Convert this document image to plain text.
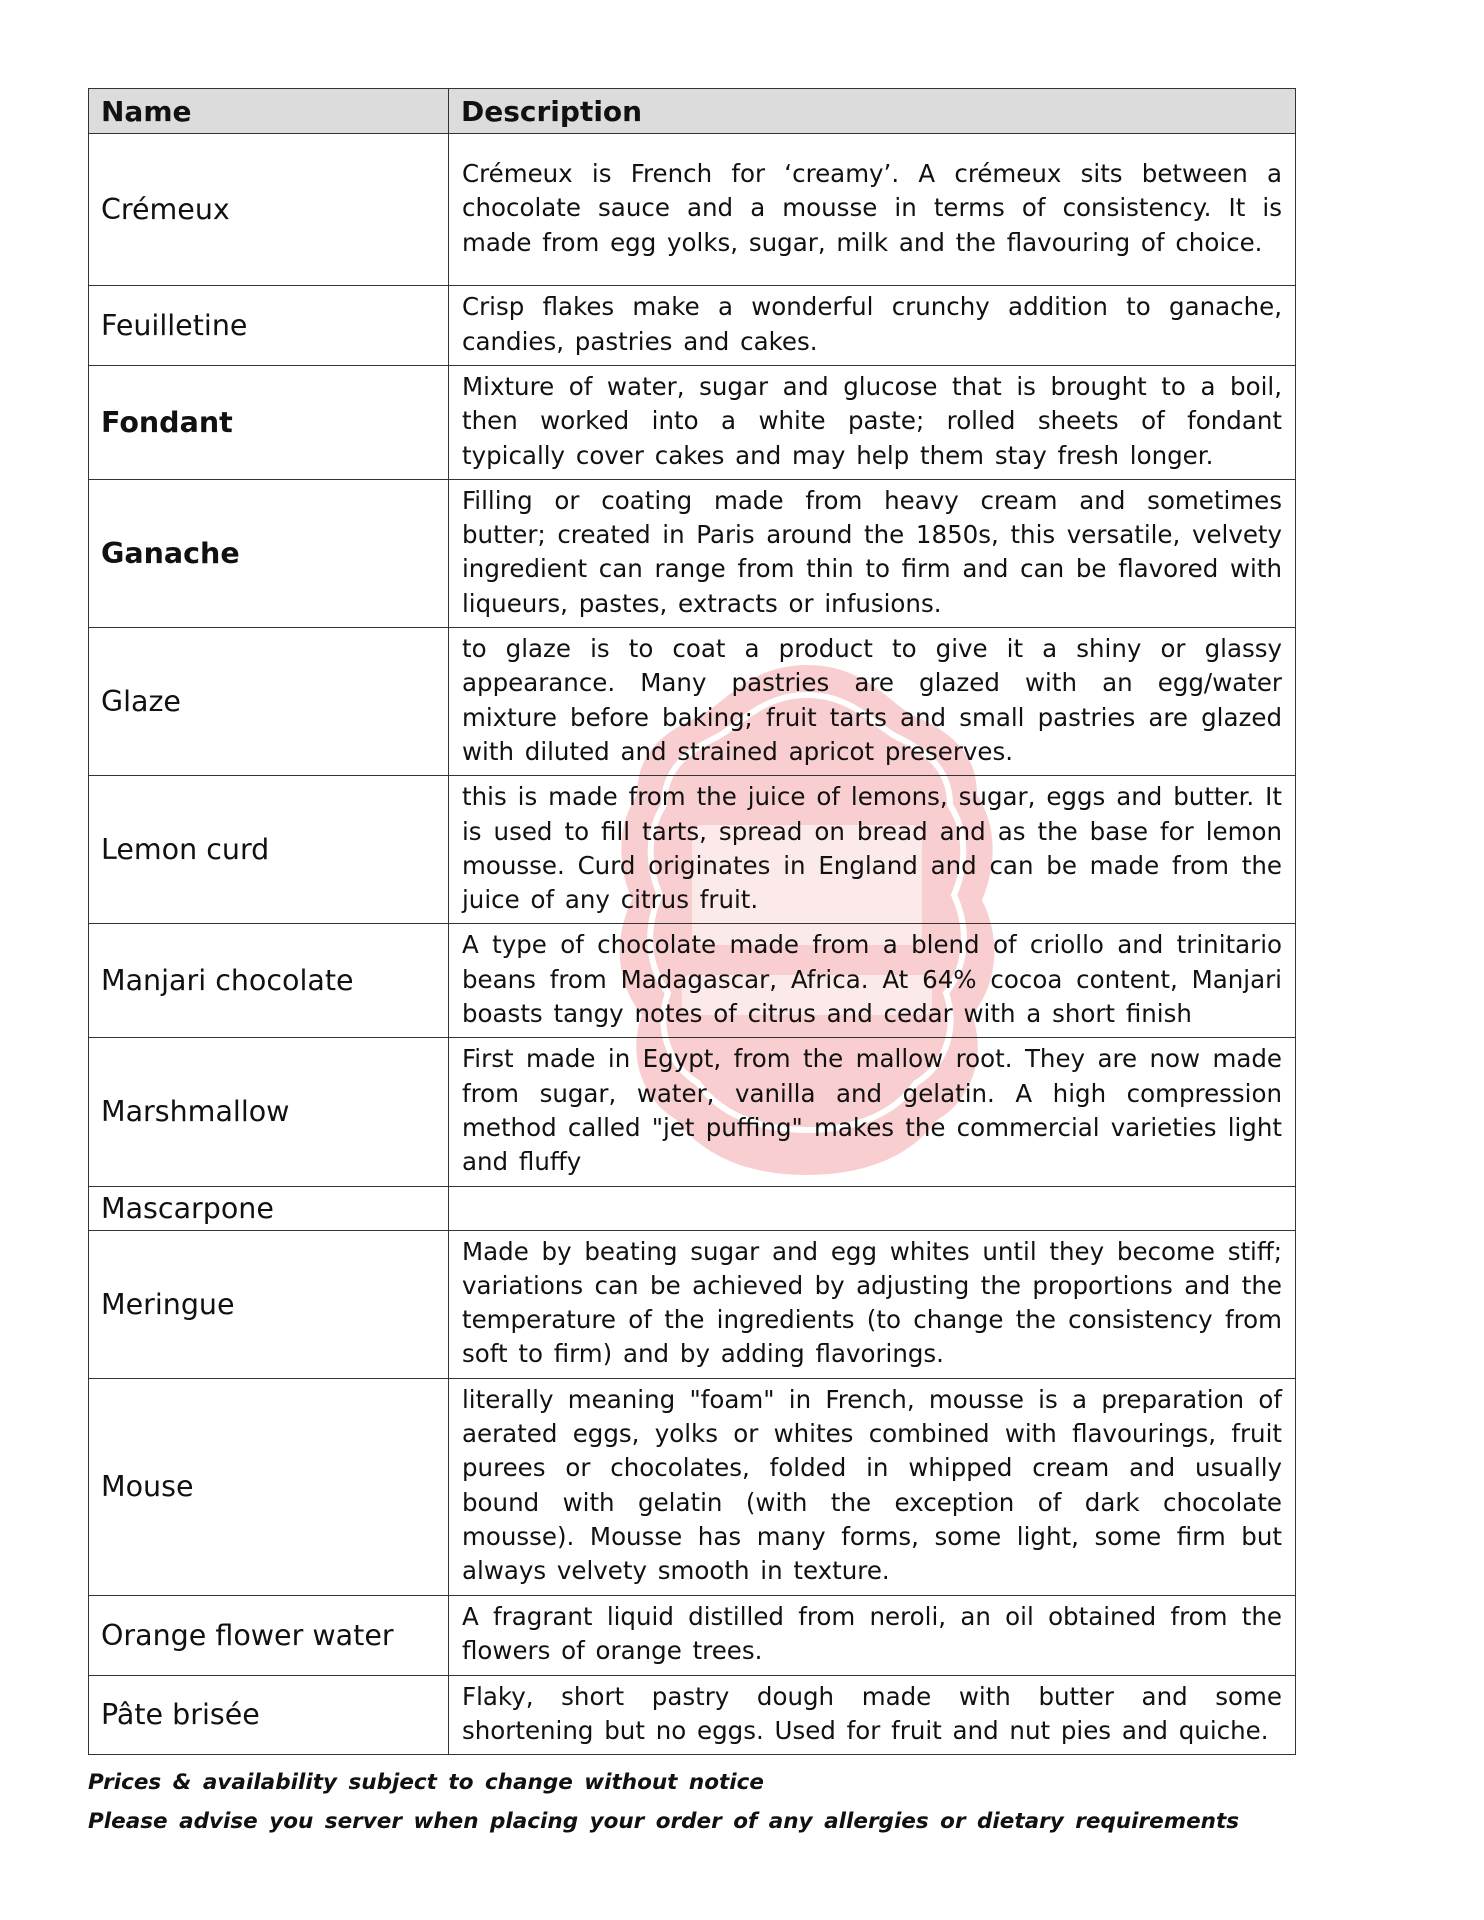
Name	Description
Crémeux	Crémeux is French for ‘creamy’. A crémeux sits between a chocolate sauce and a mousse in terms of consistency. It is made from egg yolks, sugar, milk and the flavouring of choice.
Feuilletine	Crisp flakes make a wonderful crunchy addition to ganache, candies, pastries and cakes.
Fondant	Mixture of water, sugar and glucose that is brought to a boil, then worked into a white paste; rolled sheets of fondant typically cover cakes and may help them stay fresh longer.
Ganache	Filling or coating made from heavy cream and sometimes butter; created in Paris around the 1850s, this versatile, velvety ingredient can range from thin to firm and can be flavored with liqueurs, pastes, extracts or infusions.
Glaze	to glaze is to coat a product to give it a shiny or glassy appearance. Many pastries are glazed with an egg/water mixture before baking; fruit tarts and small pastries are glazed with diluted and strained apricot preserves.
Lemon curd	this is made from the juice of lemons, sugar, eggs and butter. It is used to fill tarts, spread on bread and as the base for lemon mousse. Curd originates in England and can be made from the juice of any citrus fruit.
Manjari chocolate	A type of chocolate made from a blend of criollo and trinitario beans from Madagascar, Africa. At 64% cocoa content, Manjari boasts tangy notes of citrus and cedar with a short finish
Marshmallow	First made in Egypt, from the mallow root. They are now made from sugar, water, vanilla and gelatin. A high compression method called "jet puffing" makes the commercial varieties light and fluffy
Mascarpone	
Meringue	Made by beating sugar and egg whites until they become stiff; variations can be achieved by adjusting the proportions and the temperature of the ingredients (to change the consistency from soft to firm) and by adding flavorings.
Mouse	literally meaning "foam" in French, mousse is a preparation of aerated eggs, yolks or whites combined with flavourings, fruit purees or chocolates, folded in whipped cream and usually bound with gelatin (with the exception of dark chocolate mousse). Mousse has many forms, some light, some firm but always velvety smooth in texture.
Orange flower water	A fragrant liquid distilled from neroli, an oil obtained from the flowers of orange trees.
Pâte brisée	Flaky, short pastry dough made with butter and some shortening but no eggs. Used for fruit and nut pies and quiche.
Prices & availability subject to change without notice
Please advise you server when placing your order of any allergies or dietary requirements
